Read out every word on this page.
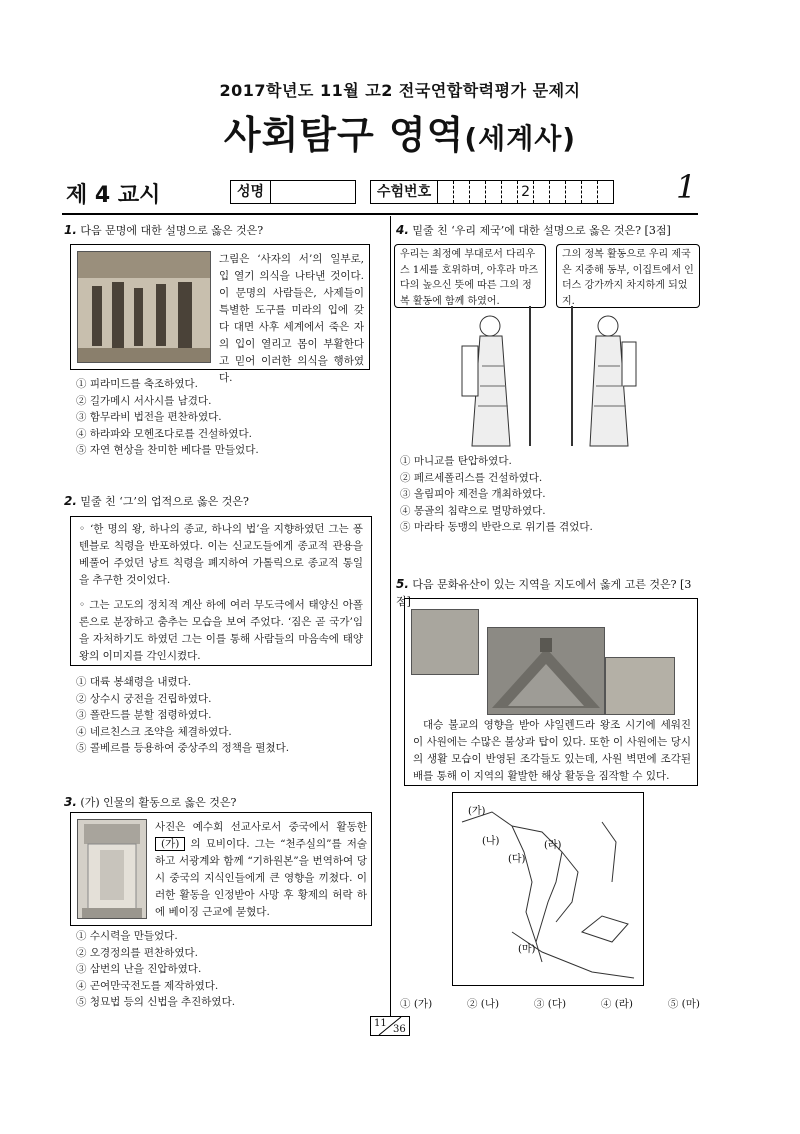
2017학년도 11월 고2 전국연합학력평가 문제지
사회탐구 영역(세계사)
제 4 교시	성명	수험번호	2	1
1. 다음 문명에 대한 설명으로 옳은 것은?
그림은 ‘사자의 서’의 일부로, 입 열기 의식을 나타낸 것이다. 이 문명의 사람들은, 사제들이 특별한 도구를 미라의 입에 갖다 대면 사후 세계에서 죽은 자의 입이 열리고 몸이 부활한다고 믿어 이러한 의식을 행하였다.
① 피라미드를 축조하였다.
② 길가메시 서사시를 남겼다.
③ 함무라비 법전을 편찬하였다.
④ 하라파와 모헨조다로를 건설하였다.
⑤ 자연 현상을 찬미한 베다를 만들었다.
2. 밑줄 친 ‘그’의 업적으로 옳은 것은?
◦ ‘한 명의 왕, 하나의 종교, 하나의 법’을 지향하였던 그는 퐁텐블로 칙령을 반포하였다. 이는 신교도들에게 종교적 관용을 베풀어 주었던 낭트 칙령을 폐지하여 가톨릭으로 종교적 통일을 추구한 것이었다.
◦ 그는 고도의 정치적 계산 하에 여러 무도극에서 태양신 아폴론으로 분장하고 춤추는 모습을 보여 주었다. ‘짐은 곧 국가’임을 자처하기도 하였던 그는 이를 통해 사람들의 마음속에 태양왕의 이미지를 각인시켰다.
① 대륙 봉쇄령을 내렸다.
② 상수시 궁전을 건립하였다.
③ 폴란드를 분할 점령하였다.
④ 네르친스크 조약을 체결하였다.
⑤ 콜베르를 등용하여 중상주의 정책을 펼쳤다.
3. (가) 인물의 활동으로 옳은 것은?
사진은 예수회 선교사로서 중국에서 활동한 (가) 의 묘비이다. 그는 “천주실의”를 저술하고 서광계와 함께 “기하원본”을 번역하여 당시 중국의 지식인들에게 큰 영향을 끼쳤다. 이러한 활동을 인정받아 사망 후 황제의 허락 하에 베이징 근교에 묻혔다.
① 수시력을 만들었다.
② 오경정의를 편찬하였다.
③ 삼번의 난을 진압하였다.
④ 곤여만국전도를 제작하였다.
⑤ 청묘법 등의 신법을 추진하였다.
4. 밑줄 친 ‘우리 제국’에 대한 설명으로 옳은 것은? [3점]
우리는 최정예 부대로서 다리우스 1세를 호위하며, 아후라 마즈다의 높으신 뜻에 따른 그의 정복 활동에 함께 하였어.
그의 정복 활동으로 우리 제국은 지중해 동부, 이집트에서 인더스 강가까지 차지하게 되었지.
① 마니교를 탄압하였다.
② 페르세폴리스를 건설하였다.
③ 올림피아 제전을 개최하였다.
④ 몽골의 침략으로 멸망하였다.
⑤ 마라타 동맹의 반란으로 위기를 겪었다.
5. 다음 문화유산이 있는 지역을 지도에서 옳게 고른 것은? [3점]
대승 불교의 영향을 받아 샤일렌드라 왕조 시기에 세워진 이 사원에는 수많은 불상과 탑이 있다. 또한 이 사원에는 당시의 생활 모습이 반영된 조각들도 있는데, 사원 벽면에 조각된 배를 통해 이 지역의 활발한 해상 활동을 짐작할 수 있다.
(가)
(나)
(다)
(라)
(마)
① (가)	② (나)	③ (다)	④ (라)	⑤ (마)
11
36
